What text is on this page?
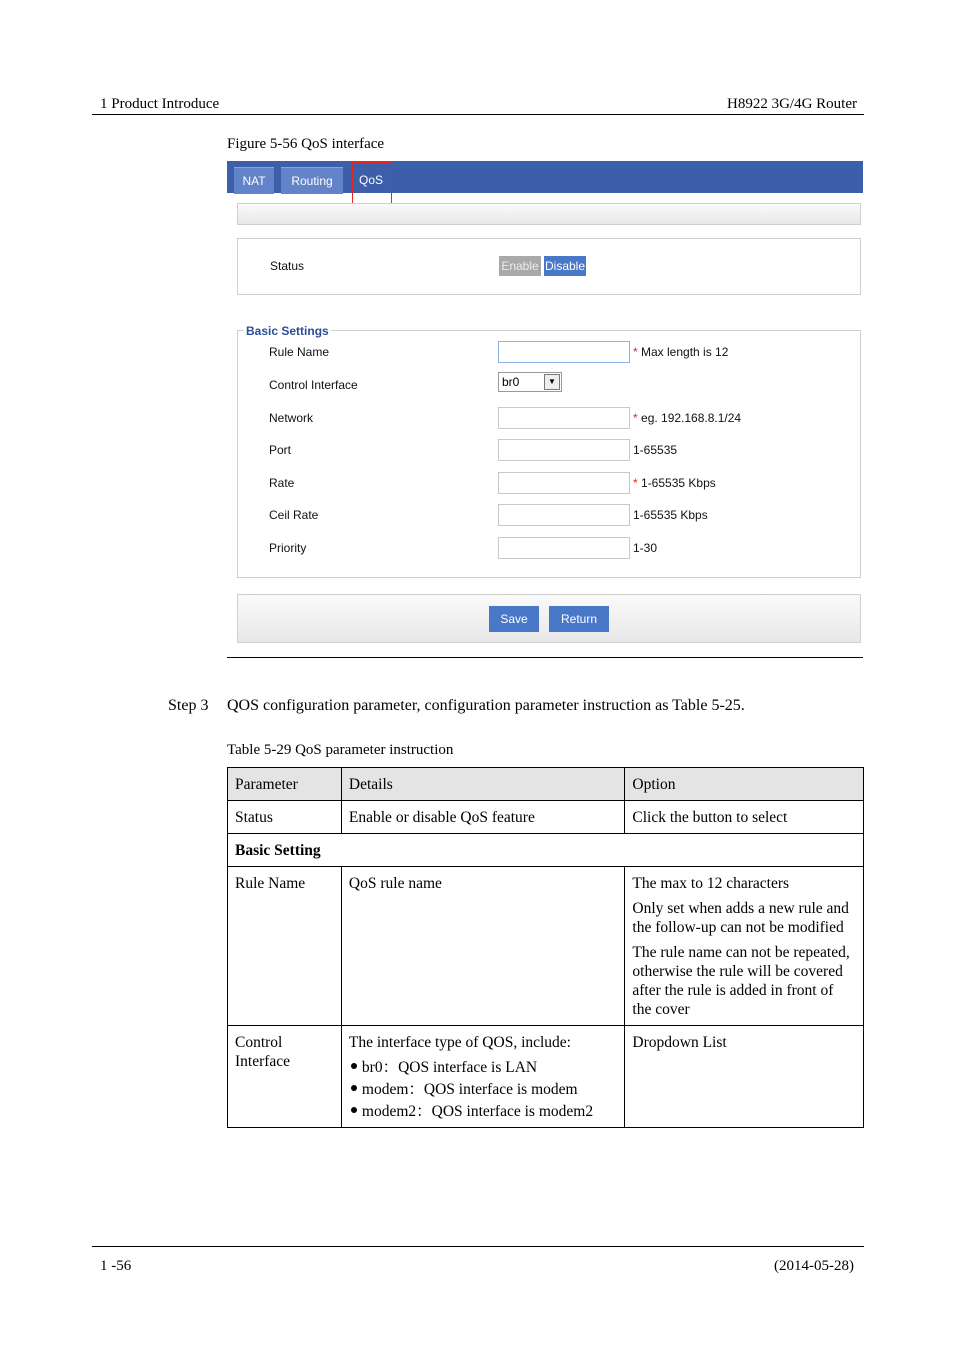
1 Product Introduce	H8922 3G/4G Router
Figure 5-56 QoS interface
NAT	Routing	QoS
Status	Enable Disable
Basic Settings
Rule Name	* Max length is 12
Control Interface	br0	▼
Network	* eg. 192.168.8.1/24
Port	1-65535
Rate	* 1-65535 Kbps
Ceil Rate	1-65535 Kbps
Priority	1-30
Save	Return
Step 3 QOS configuration parameter, configuration parameter instruction as Table 5-25.
Table 5-29 QoS parameter instruction
Parameter	Details	Option
Status	Enable or disable QoS feature	Click the button to select
Basic Setting		
Rule Name	QoS rule name	The max to 12 characters

Only set when adds a new rule and the follow-up can not be modified

The rule name can not be repeated, otherwise the rule will be covered after the rule is added in front of the cover

Control Interface	The interface type of QOS, include:
br0：QOS interface is LAN
modem：QOS interface is modem
modem2：QOS interface is modem2	Dropdown List
1 -56	(2014-05-28)
